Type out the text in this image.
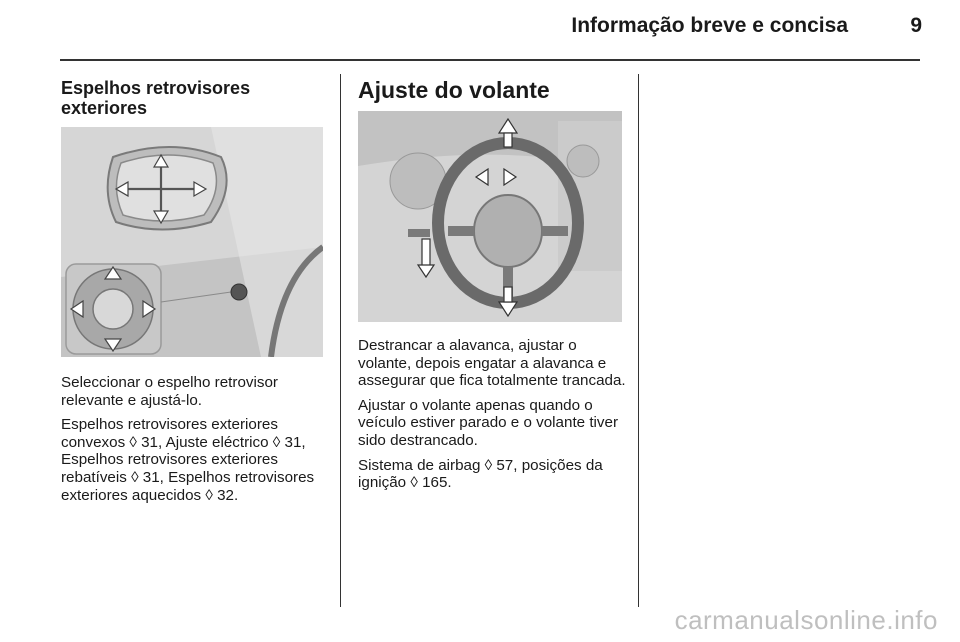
Informação breve e concisa	9
Espelhos retrovisores exteriores

Seleccionar o espelho retrovisor relevante e ajustá-lo.

Espelhos retrovisores exteriores convexos ◊ 31, Ajuste eléctrico ◊ 31, Espelhos retrovisores exteriores rebatíveis ◊ 31, Espelhos retrovisores exteriores aquecidos ◊ 32.

Ajuste do volante

Destrancar a alavanca, ajustar o volante, depois engatar a alavanca e assegurar que fica totalmente trancada.

Ajustar o volante apenas quando o veículo estiver parado e o volante tiver sido destrancado.

Sistema de airbag ◊ 57, posições da ignição ◊ 165.

carmanualsonline.info
